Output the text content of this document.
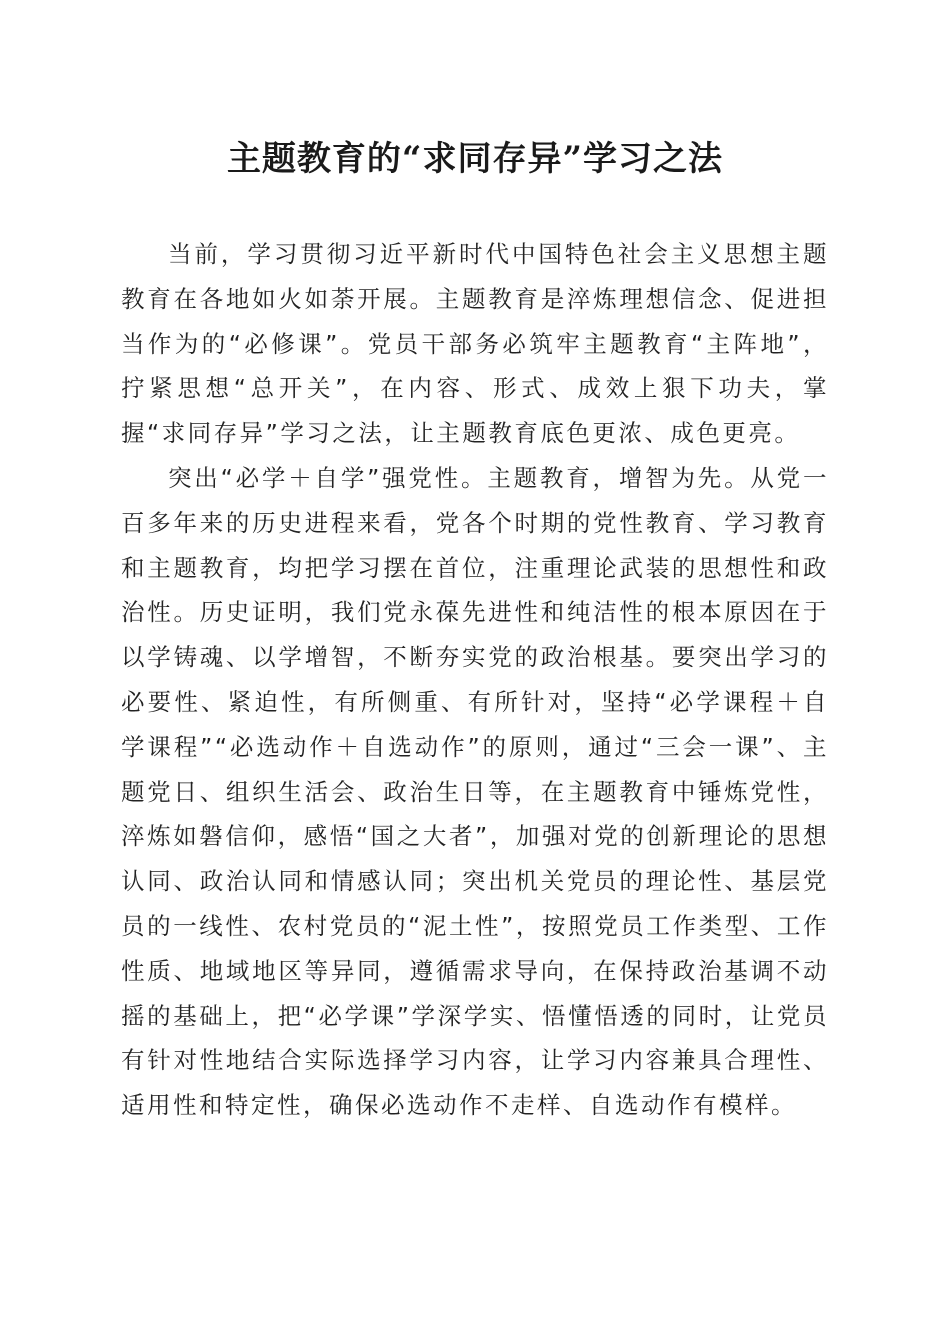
主题教育的“求同存异”学习之法

当前，学习贯彻习近平新时代中国特色社会主义思想主题教育在各地如火如荼开展。主题教育是淬炼理想信念、促进担当作为的“必修课”。党员干部务必筑牢主题教育“主阵地”，拧紧思想“总开关”，在内容、形式、成效上狠下功夫，掌握“求同存异”学习之法，让主题教育底色更浓、成色更亮。

突出“必学＋自学”强党性。主题教育，增智为先。从党一百多年来的历史进程来看，党各个时期的党性教育、学习教育和主题教育，均把学习摆在首位，注重理论武装的思想性和政治性。历史证明，我们党永葆先进性和纯洁性的根本原因在于以学铸魂、以学增智，不断夯实党的政治根基。要突出学习的必要性、紧迫性，有所侧重、有所针对，坚持“必学课程＋自学课程”“必选动作＋自选动作”的原则，通过“三会一课”、主题党日、组织生活会、政治生日等，在主题教育中锤炼党性，淬炼如磐信仰，感悟“国之大者”，加强对党的创新理论的思想认同、政治认同和情感认同；突出机关党员的理论性、基层党员的一线性、农村党员的“泥土性”，按照党员工作类型、工作性质、地域地区等异同，遵循需求导向，在保持政治基调不动摇的基础上，把“必学课”学深学实、悟懂悟透的同时，让党员有针对性地结合实际选择学习内容，让学习内容兼具合理性、适用性和特定性，确保必选动作不走样、自选动作有模样。
